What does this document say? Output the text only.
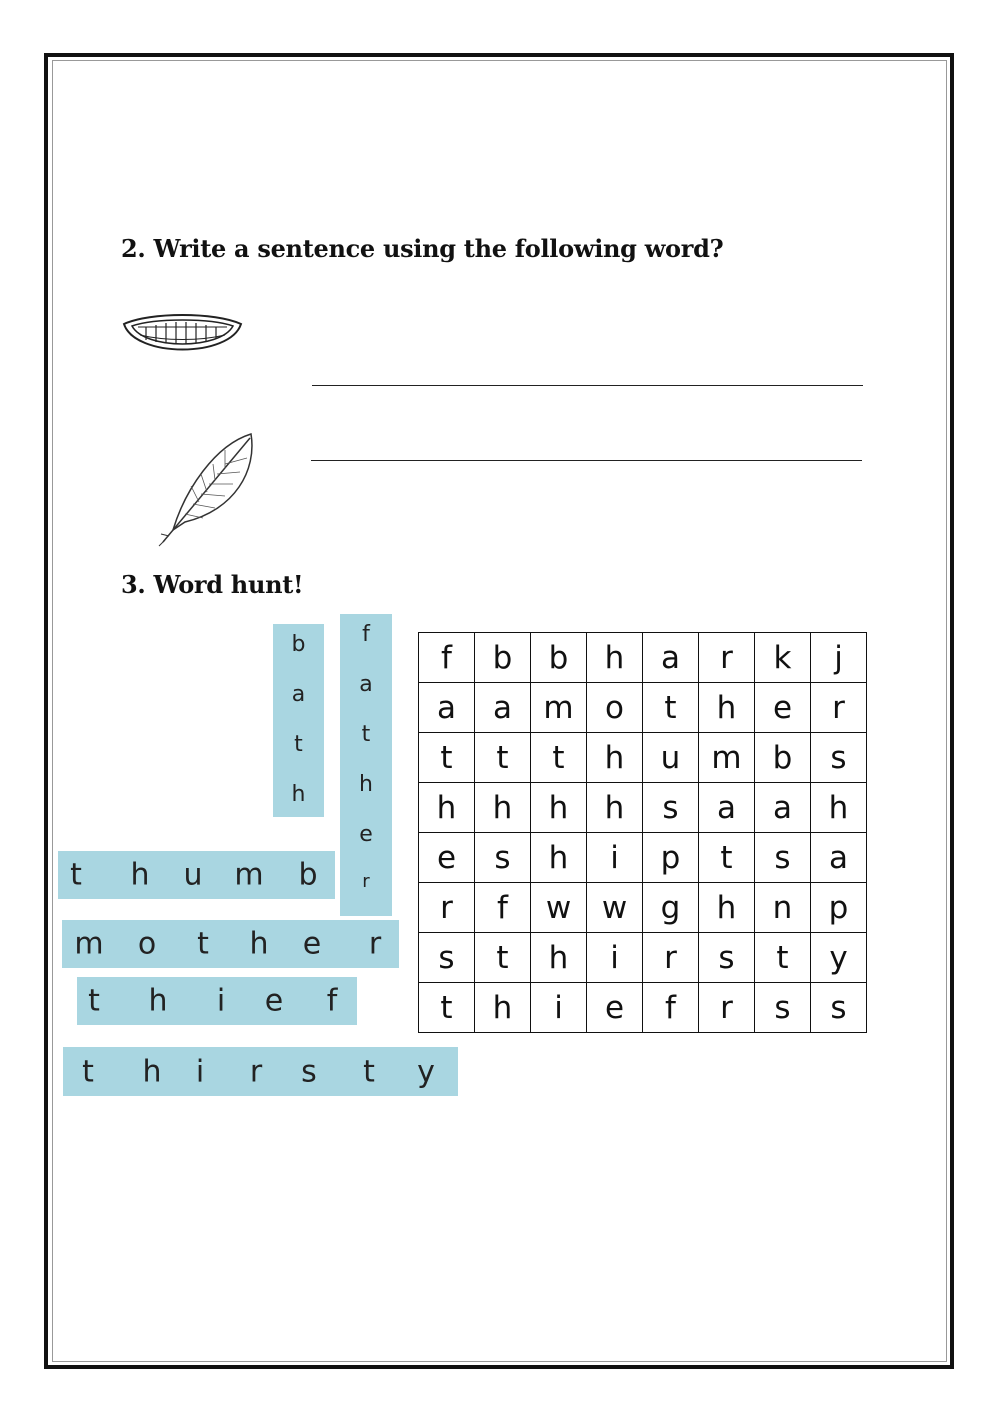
2. Write a sentence using the following word?
3. Word hunt!
b
a
t
h
f
a
t
h
e
r
t h u m b
m o t h e r
t h i e f
t h i r s t y
f	b	b	h	a	r	k	j
a	a	m	o	t	h	e	r
t	t	t	h	u	m	b	s
h	h	h	h	s	a	a	h
e	s	h	i	p	t	s	a
r	f	w	w	g	h	n	p
s	t	h	i	r	s	t	y
t	h	i	e	f	r	s	s
